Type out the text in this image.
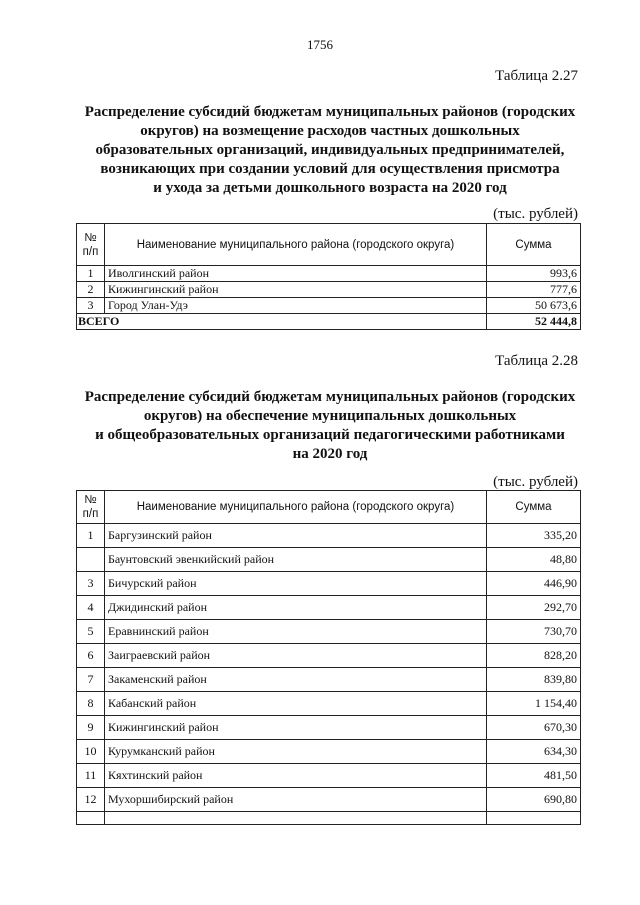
1756
Таблица 2.27
Распределение субсидий бюджетам муниципальных районов (городских
округов) на возмещение расходов частных дошкольных
образовательных организаций, индивидуальных предпринимателей,
возникающих при создании условий для осуществления присмотра
и ухода за детьми дошкольного возраста на 2020 год
(тыс. рублей)
№ п/п	Наименование муниципального района (городского округа)	Сумма
1	Иволгинский район	993,6
2	Кижингинский район	777,6
3	Город Улан-Удэ	50 673,6
ВСЕГО		52 444,8
Таблица 2.28
Распределение субсидий бюджетам муниципальных районов (городских
округов) на обеспечение муниципальных дошкольных
и общеобразовательных организаций педагогическими работниками
на 2020 год
(тыс. рублей)
№ п/п	Наименование муниципального района (городского округа)	Сумма
1	Баргузинский район	335,20
	Баунтовский эвенкийский район	48,80
3	Бичурский район	446,90
4	Джидинский район	292,70
5	Еравнинский район	730,70
6	Заиграевский район	828,20
7	Закаменский район	839,80
8	Кабанский район	1 154,40
9	Кижингинский район	670,30
10	Курумканский район	634,30
11	Кяхтинский район	481,50
12	Мухоршибирский район	690,80
